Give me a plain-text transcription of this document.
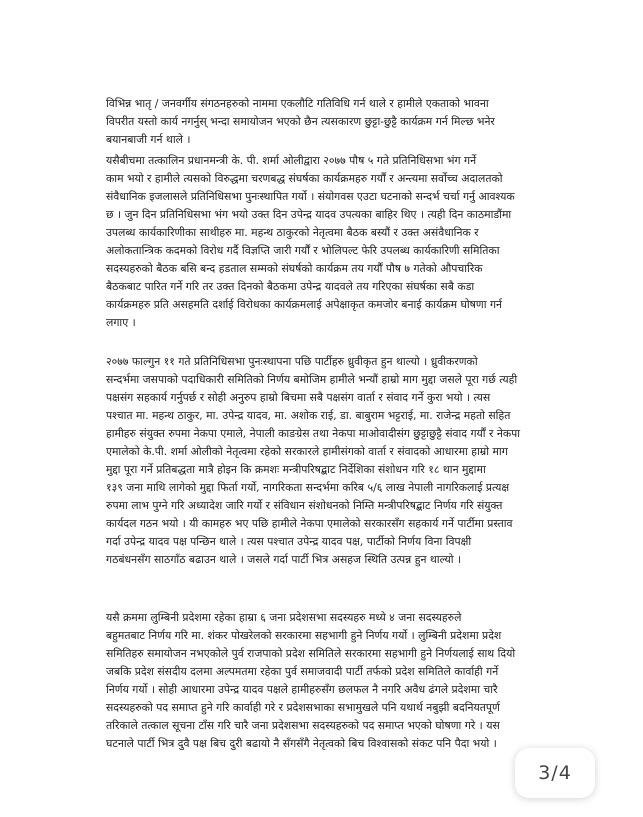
विभिन्न भातृ / जनवर्गीय संगठनहरुको नाममा एकलौटि गतिविधि गर्न थाले र हामीले एकताको भावना
विपरीत यस्तो कार्य नगर्नुस् भन्दा समायोजन भएको छैन त्यसकारण छुट्टा-छुट्टै कार्यक्रम गर्न मिल्छ भनेर
बयानबाजी गर्न थाले ।
यसैबीचमा तत्कालिन प्रधानमन्त्री के. पी. शर्मा ओलीद्वारा २०७७ पौष ५ गते प्रतिनिधिसभा भंग गर्ने
काम भयो र हामीले त्यसको विरुद्धमा चरणबद्ध संघर्षका कार्यक्रमहरु गर्यौं र अन्त्यमा सर्वोच्च अदालतको
संवैधानिक इजलासले प्रतिनिधिसभा पुनःस्थापित गर्यो । संयोगवस एउटा घटनाको सन्दर्भ चर्चा गर्नु आवश्यक
छ । जुन दिन प्रतिनिधिसभा भंग भयो उक्त दिन उपेन्द्र यादव उपत्यका बाहिर थिए । त्यही दिन काठमाडौंमा
उपलब्ध कार्यकारिणीका साथीहरु मा. महन्थ ठाकुरको नेतृत्वमा बैठक बस्यौं र उक्त असंवैधानिक र
अलोकतान्त्रिक कदमको विरोध गर्दै विज्ञप्ति जारी गर्यौं र भोलिपल्ट फेरि उपलब्ध कार्यकारिणी समितिका
सदस्यहरुको बैठक बसि बन्द हडताल सम्मको संघर्षको कार्यक्रम तय गर्यौं पौष ७ गतेको औपचारिक
बैठकबाट पारित गर्ने गरि तर उक्त दिनको बैठकमा उपेन्द्र यादवले तय गरिएका संघर्षका सबै कडा
कार्यक्रमहरु प्रति असहमति दर्शाई विरोधका कार्यक्रमलाई अपेक्षाकृत कमजोर बनाई कार्यक्रम घोषणा गर्न
लगाए ।
२०७७ फाल्गुन ११ गते प्रतिनिधिसभा पुनःस्थापना पछि पार्टीहरु ध्रुवीकृत हुन थाल्यो । ध्रुवीकरणको
सन्दर्भमा जसपाको पदाधिकारी समितिको निर्णय बमोजिम हामीले भन्यौं हाम्रो माग मुद्दा जसले पूरा गर्छ त्यही
पक्षसंग सहकार्य गर्नुपर्छ र सोही अनुरुप हाम्रो बिचमा सबै पक्षसंग वार्ता र संवाद गर्ने कुरा भयो । त्यस
पश्चात मा. महन्थ ठाकुर, मा. उपेन्द्र यादव, मा. अशोक राई, डा. बाबुराम भट्टराई, मा. राजेन्द्र महतो सहित
हामीहरु संयुक्त रुपमा नेकपा एमाले, नेपाली काङग्रेस तथा नेकपा माओवादीसंग छुट्टाछुट्टै संवाद गर्यौं र नेकपा
एमालेको के.पी. शर्मा ओलीको नेतृत्वमा रहेको सरकारले हामीसंगको वार्ता र संवादको आधारमा हाम्रो माग
मुद्दा पूरा गर्ने प्रतिबद्धता मात्रै होइन कि क्रमशः मन्त्रीपरिषद्बाट निर्देशिका संशोधन गरि १८ थान मुद्दामा
१३९ जना माथि लागेको मुद्दा फिर्ता गर्यो, नागरिकता सन्दर्भमा करिब ५/६ लाख नेपाली नागरिकलाई प्रत्यक्ष
रुपमा लाभ पुग्ने गरि अध्यादेश जारि गर्यो र संविधान संशोधनको निम्ति मन्त्रीपरिषद्बाट निर्णय गरि संयुक्त
कार्यदल गठन भयो । यी कामहरु भए पछि हामीले नेकपा एमालेको सरकारसँग सहकार्य गर्ने पार्टीमा प्रस्ताव
गर्दा उपेन्द्र यादव पक्ष पन्छिन थाले । त्यस पश्चात उपेन्द्र यादव पक्ष, पार्टीको निर्णय विना विपक्षी
गठबंधनसँग साठगाँठ बढाउन थाले । जसले गर्दा पार्टी भित्र असहज स्थिति उत्पन्न हुन थाल्यो ।
यसै क्रममा लुम्बिनी प्रदेशमा रहेका हाम्रा ६ जना प्रदेशसभा सदस्यहरु मध्ये ४ जना सदस्यहरुले
बहुमतबाट निर्णय गरि मा. शंकर पोखरेलको सरकारमा सहभागी हुने निर्णय गर्यो । लुम्बिनी प्रदेशमा प्रदेश
समितिहरु समायोजन नभएकोले पुर्व राजपाको प्रदेश समितिले सरकारमा सहभागी हुने निर्णयलाई साथ दियो
जबकि प्रदेश संसदीय दलमा अल्पमतमा रहेका पुर्व समाजवादी पार्टी तर्फको प्रदेश समितिले कार्वाही गर्ने
निर्णय गर्यो । सोही आधारमा उपेन्द्र यादव पक्षले हामीहरुसँग छलफल नै नगरि अवैध ढंगले प्रदेशमा चारै
सदस्यहरुको पद समाप्त हुने गरि कार्वाही गरे र प्रदेशसभाका सभामुखले पनि यथार्थ नबुझी बदनियतपूर्ण
तरिकाले तत्काल सूचना टाँस गरि चारै जना प्रदेशसभा सदस्यहरुको पद समाप्त भएको घोषणा गरे । यस
घटनाले पार्टी भित्र दुवै पक्ष बिच दुरी बढायो नै सँगसँगै नेतृत्वको बिच विश्वासको संकट पनि पैदा भयो ।
3/4
